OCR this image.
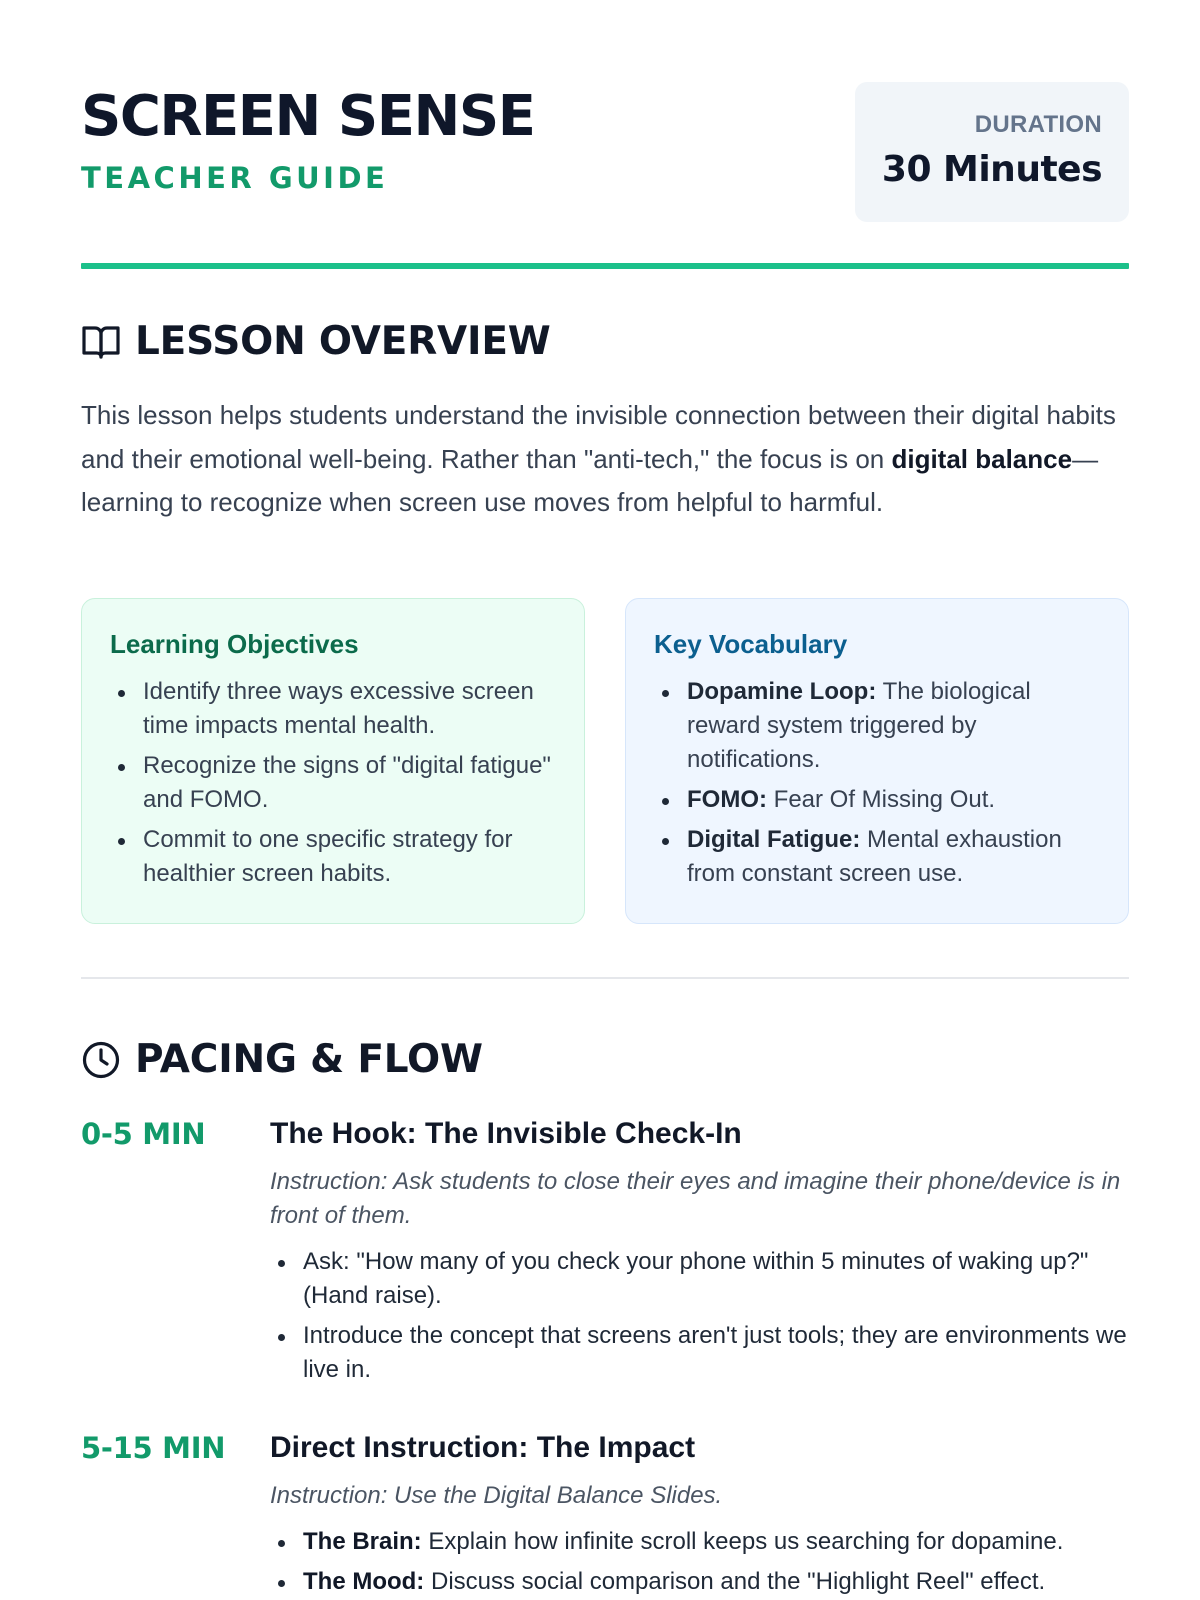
SCREEN SENSE
TEACHER GUIDE
DURATION
30 Minutes
LESSON OVERVIEW

This lesson helps students understand the invisible connection between their digital habits and their emotional well-being. Rather than "anti-tech," the focus is on digital balance—learning to recognize when screen use moves from helpful to harmful.

Learning Objectives
Identify three ways excessive screen time impacts mental health.
Recognize the signs of "digital fatigue" and FOMO.
Commit to one specific strategy for healthier screen habits.
Key Vocabulary
Dopamine Loop: The biological reward system triggered by notifications.
FOMO: Fear Of Missing Out.
Digital Fatigue: Mental exhaustion from constant screen use.
PACING & FLOW
0-5 MIN The Hook: The Invisible Check-In
Instruction: Ask students to close their eyes and imagine their phone/device is in front of them.
Ask: "How many of you check your phone within 5 minutes of waking up?" (Hand raise).
Introduce the concept that screens aren't just tools; they are environments we live in.
5-15 MIN Direct Instruction: The Impact
Instruction: Use the Digital Balance Slides.
The Brain: Explain how infinite scroll keeps us searching for dopamine.
The Mood: Discuss social comparison and the "Highlight Reel" effect.
